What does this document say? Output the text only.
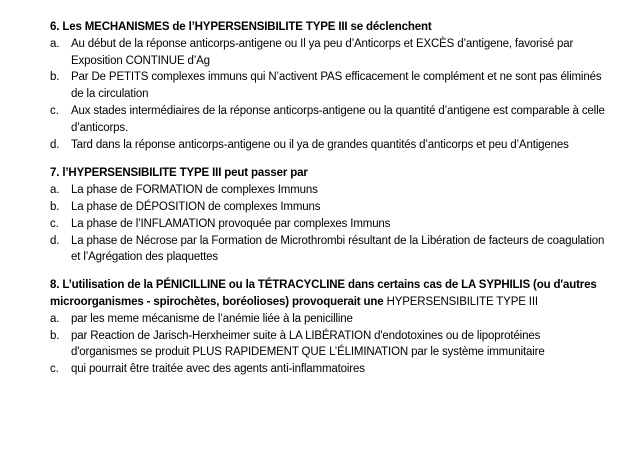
6. Les MECHANISMES de l’HYPERSENSIBILITE TYPE III se déclenchent

a.	Au début de la réponse anticorps-antigene ou Il ya peu d’Anticorps et EXCÈS d’antigene, favorisé par Exposition CONTINUE d’Ag
b.	Par De PETITS complexes immuns qui N’activent PAS efficacement le complément et ne sont pas éliminés de la circulation
c.	Aux stades intermédiaires de la réponse anticorps-antigene ou la quantité d’antigene est comparable à celle d’anticorps.
d.	Tard dans la réponse anticorps-antigene ou il ya de grandes quantités d’anticorps et peu d’Antigenes

7. l’HYPERSENSIBILITE TYPE III peut passer par

a.	La phase de FORMATION de complexes Immuns
b.	La phase de DÉPOSITION de complexes Immuns
c.	La phase de l’INFLAMATION provoquée par complexes Immuns
d.	La phase de Nécrose par la Formation de Microthrombi résultant de la Libération de facteurs de coagulation et l’Agrégation des plaquettes

8. L’utilisation de la PÉNICILLINE ou la TÉTRACYCLINE dans certains cas de LA SYPHILIS (ou d'autres microorganismes - spirochètes, boréolioses) provoquerait une HYPERSENSIBILITE TYPE III

a.	par les meme mécanisme de l’anémie liée à la penicilline
b.	par Reaction de Jarisch-Herxheimer suite à LA LIBÉRATION d'endotoxines ou de lipoprotéines d'organismes se produit PLUS RAPIDEMENT QUE L’ÉLIMINATION par le système immunitaire
c.	qui pourrait être traitée avec des agents anti-inflammatoires
